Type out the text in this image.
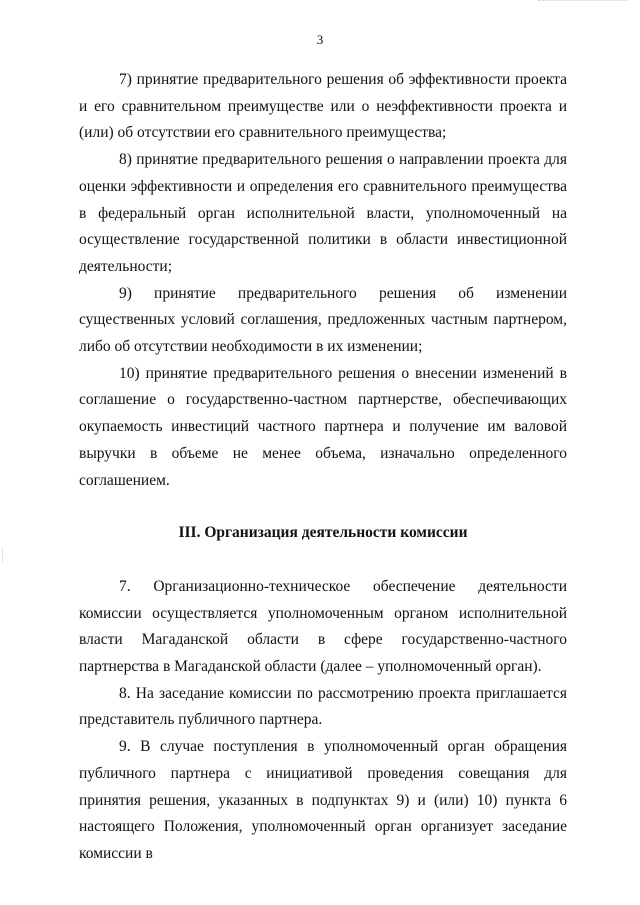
3

7) принятие предварительного решения об эффективности проекта и его сравнительном преимуществе или о неэффективности проекта и (или) об отсутствии его сравнительного преимущества;

8) принятие предварительного решения о направлении проекта для оценки эффективности и определения его сравнительного преимущества в федеральный орган исполнительной власти, уполномоченный на осуществление государственной политики в области инвестиционной деятельности;

9) принятие предварительного решения об изменении существенных условий соглашения, предложенных частным партнером, либо об отсутствии необходимости в их изменении;

10) принятие предварительного решения о внесении изменений в соглашение о государственно-частном партнерстве, обеспечивающих окупаемость инвестиций частного партнера и получение им валовой выручки в объеме не менее объема, изначально определенного соглашением.

III. Организация деятельности комиссии

7. Организационно-техническое обеспечение деятельности комиссии осуществляется уполномоченным органом исполнительной власти Магаданской области в сфере государственно-частного партнерства в Магаданской области (далее – уполномоченный орган).

8. На заседание комиссии по рассмотрению проекта приглашается представитель публичного партнера.

9. В случае поступления в уполномоченный орган обращения публичного партнера с инициативой проведения совещания для принятия решения, указанных в подпунктах 9) и (или) 10) пункта 6 настоящего Положения, уполномоченный орган организует заседание комиссии в
